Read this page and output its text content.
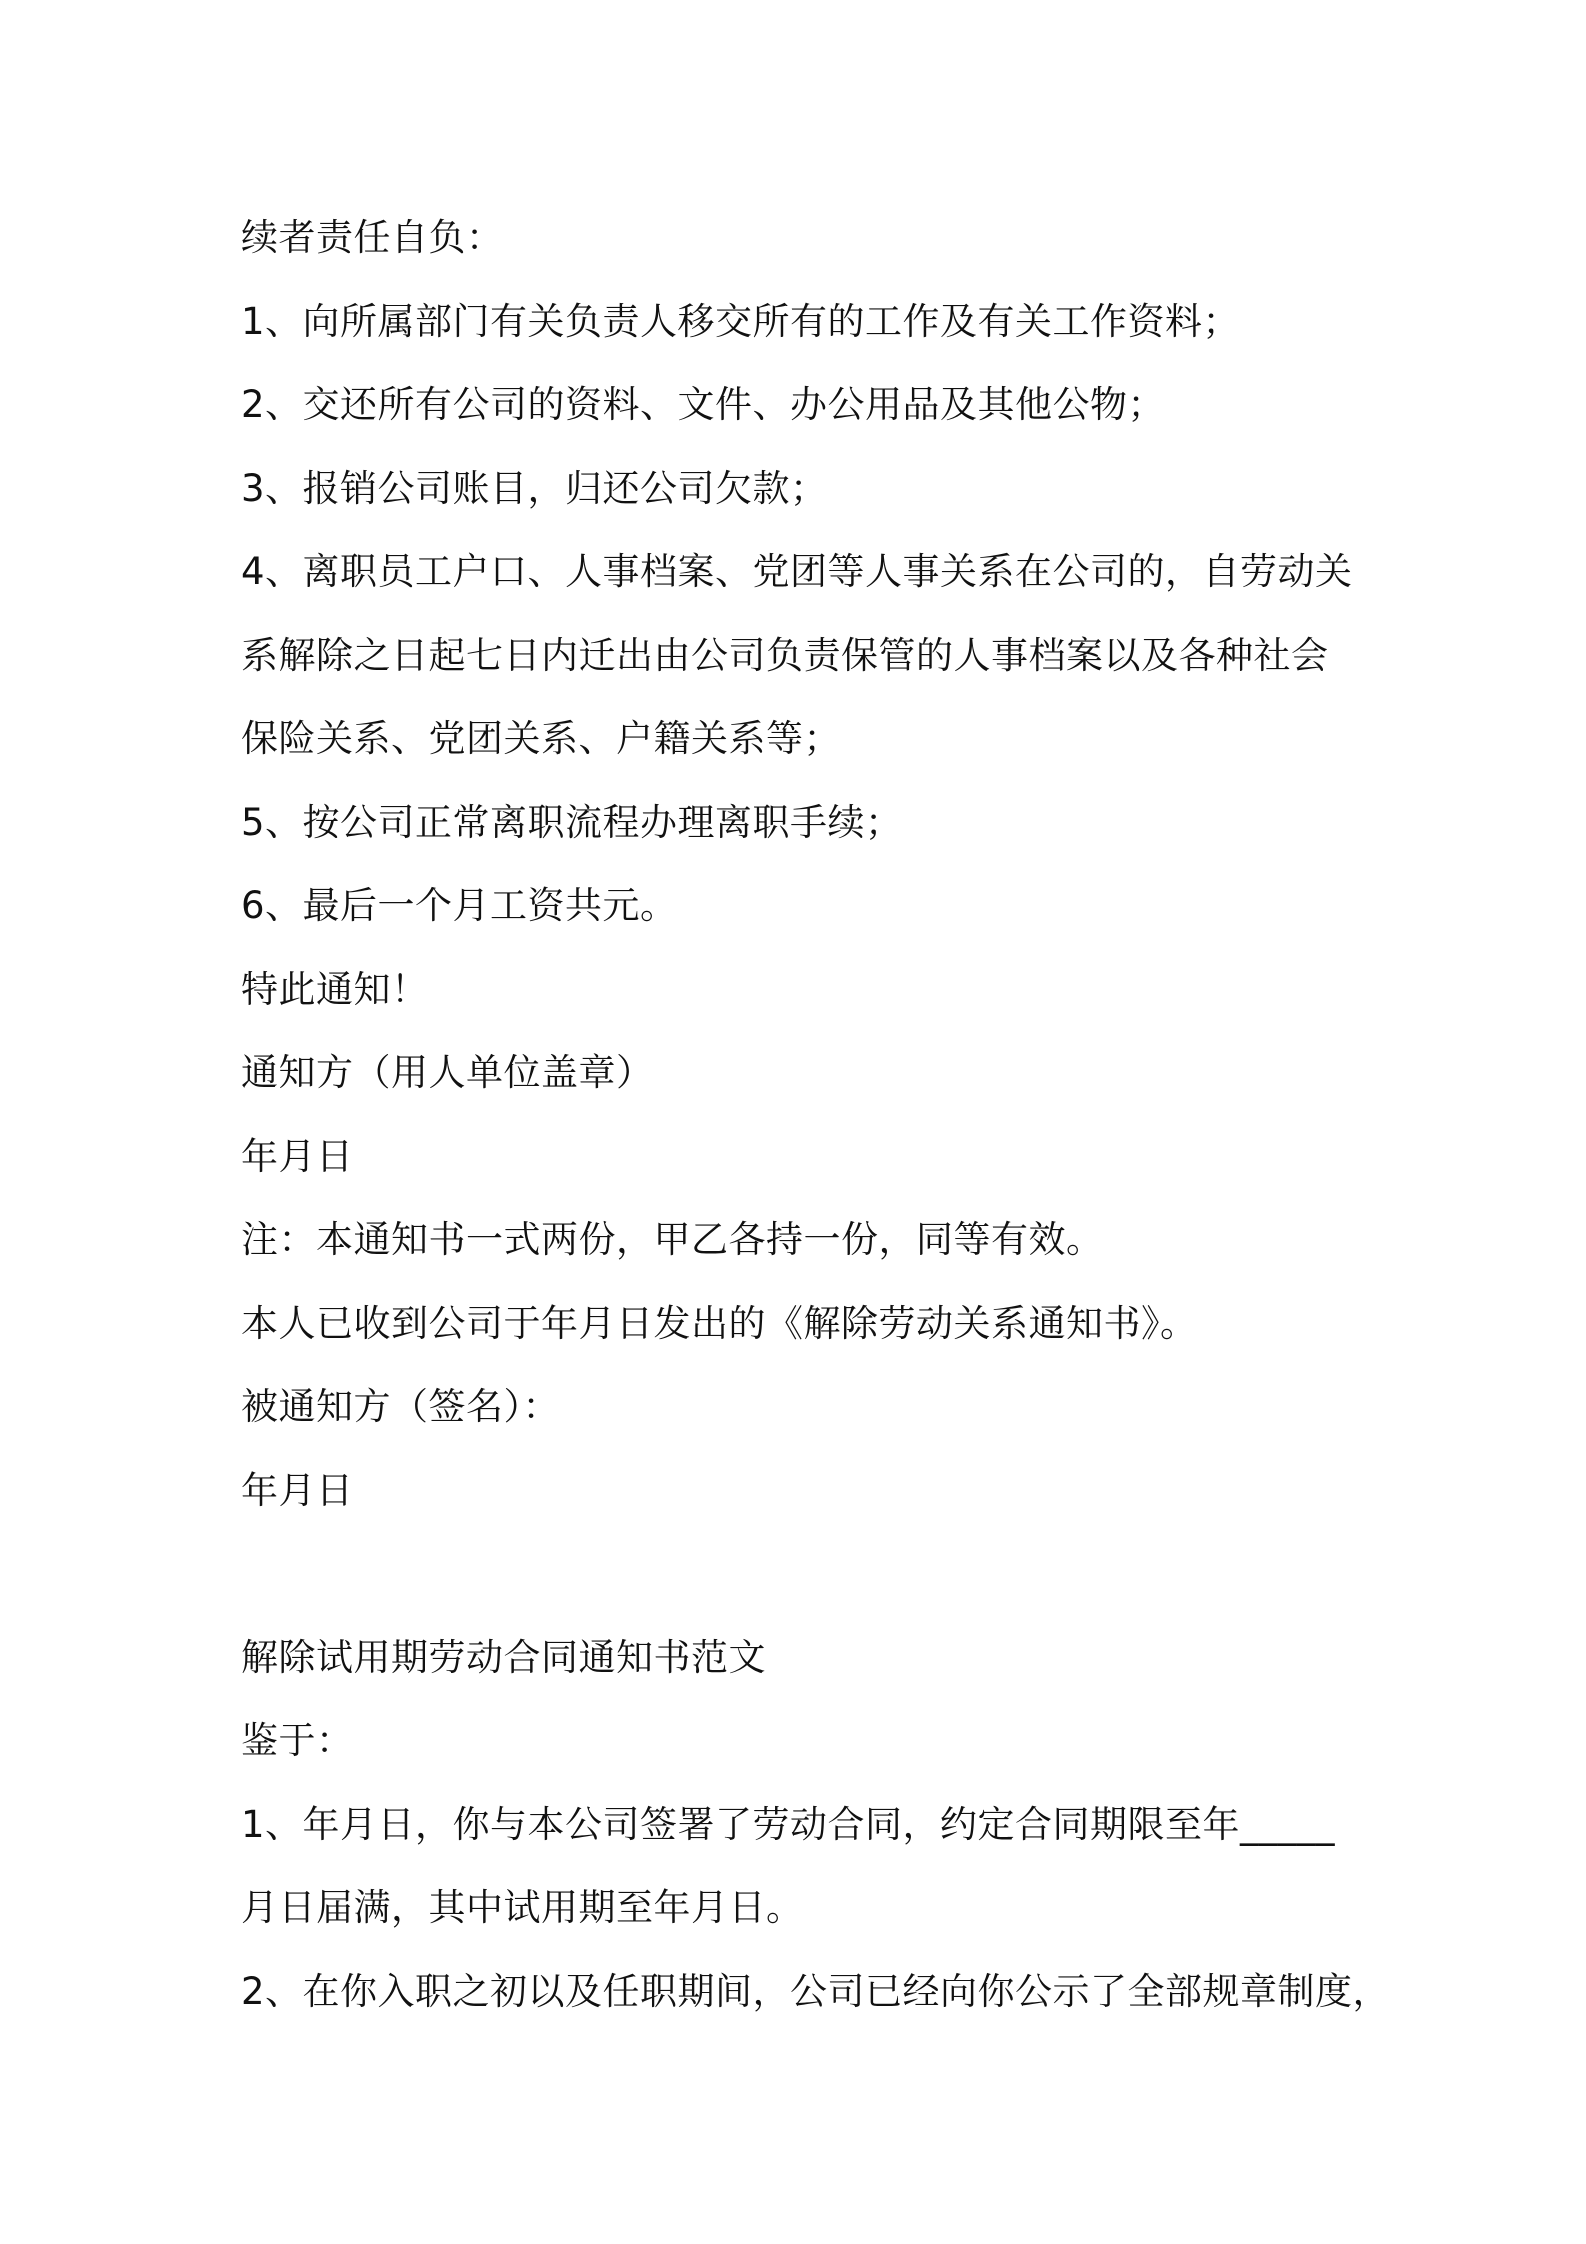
续者责任自负：
1、向所属部门有关负责人移交所有的工作及有关工作资料；
2、交还所有公司的资料、文件、办公用品及其他公物；
3、报销公司账目，归还公司欠款；
4、离职员工户口、人事档案、党团等人事关系在公司的，自劳动关
系解除之日起七日内迁出由公司负责保管的人事档案以及各种社会
保险关系、党团关系、户籍关系等；
5、按公司正常离职流程办理离职手续；
6、最后一个月工资共元。
特此通知！
通知方（用人单位盖章）
年月日
注：本通知书一式两份，甲乙各持一份，同等有效。
本人已收到公司于年月日发出的《解除劳动关系通知书》。
被通知方（签名）：
年月日
解除试用期劳动合同通知书范文
鉴于：
1、年月日，你与本公司签署了劳动合同，约定合同期限至年_____
月日届满，其中试用期至年月日。
2、在你入职之初以及任职期间，公司已经向你公示了全部规章制度，
